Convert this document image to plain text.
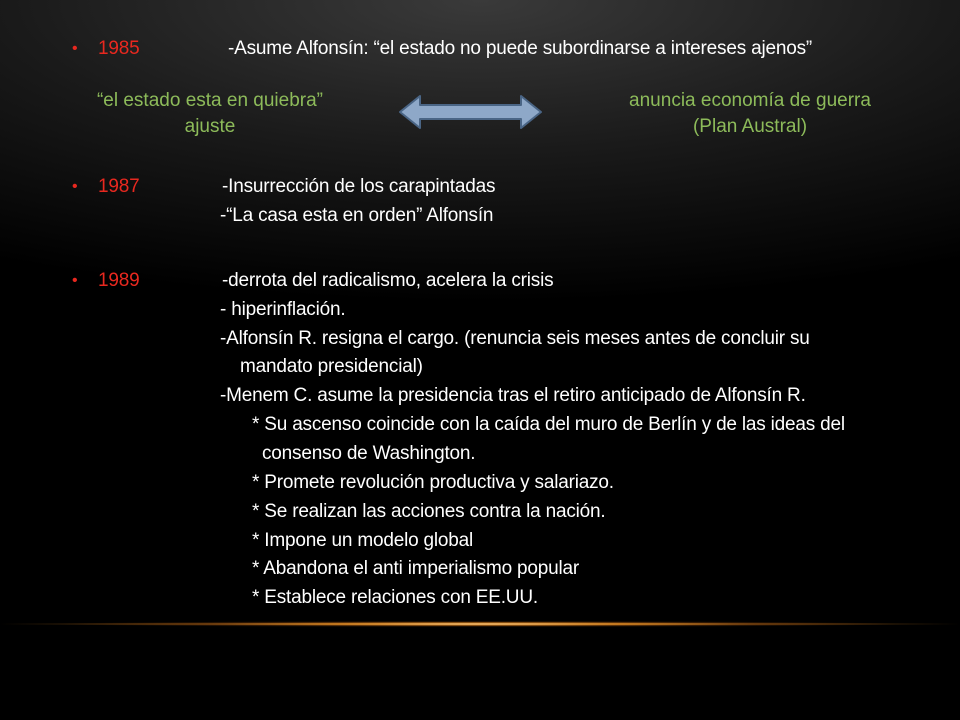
• 1985	-Asume Alfonsín: “el estado no puede subordinarse a intereses ajenos”
“el estado esta en quiebra”
ajuste
anuncia economía de guerra
(Plan Austral)
• 1987	-Insurrección de los carapintadas
-“La casa esta en orden” Alfonsín
• 1989	-derrota del radicalismo, acelera la crisis
- hiperinflación.
-Alfonsín R. resigna el cargo. (renuncia seis meses antes de concluir su
mandato presidencial)
-Menem C. asume la presidencia tras el retiro anticipado de Alfonsín R.
* Su ascenso coincide con la caída del muro de Berlín y de las ideas del
consenso de Washington.
* Promete revolución productiva y salariazo.
* Se realizan las acciones contra la nación.
* Impone un modelo global
* Abandona el anti imperialismo popular
* Establece relaciones con EE.UU.
